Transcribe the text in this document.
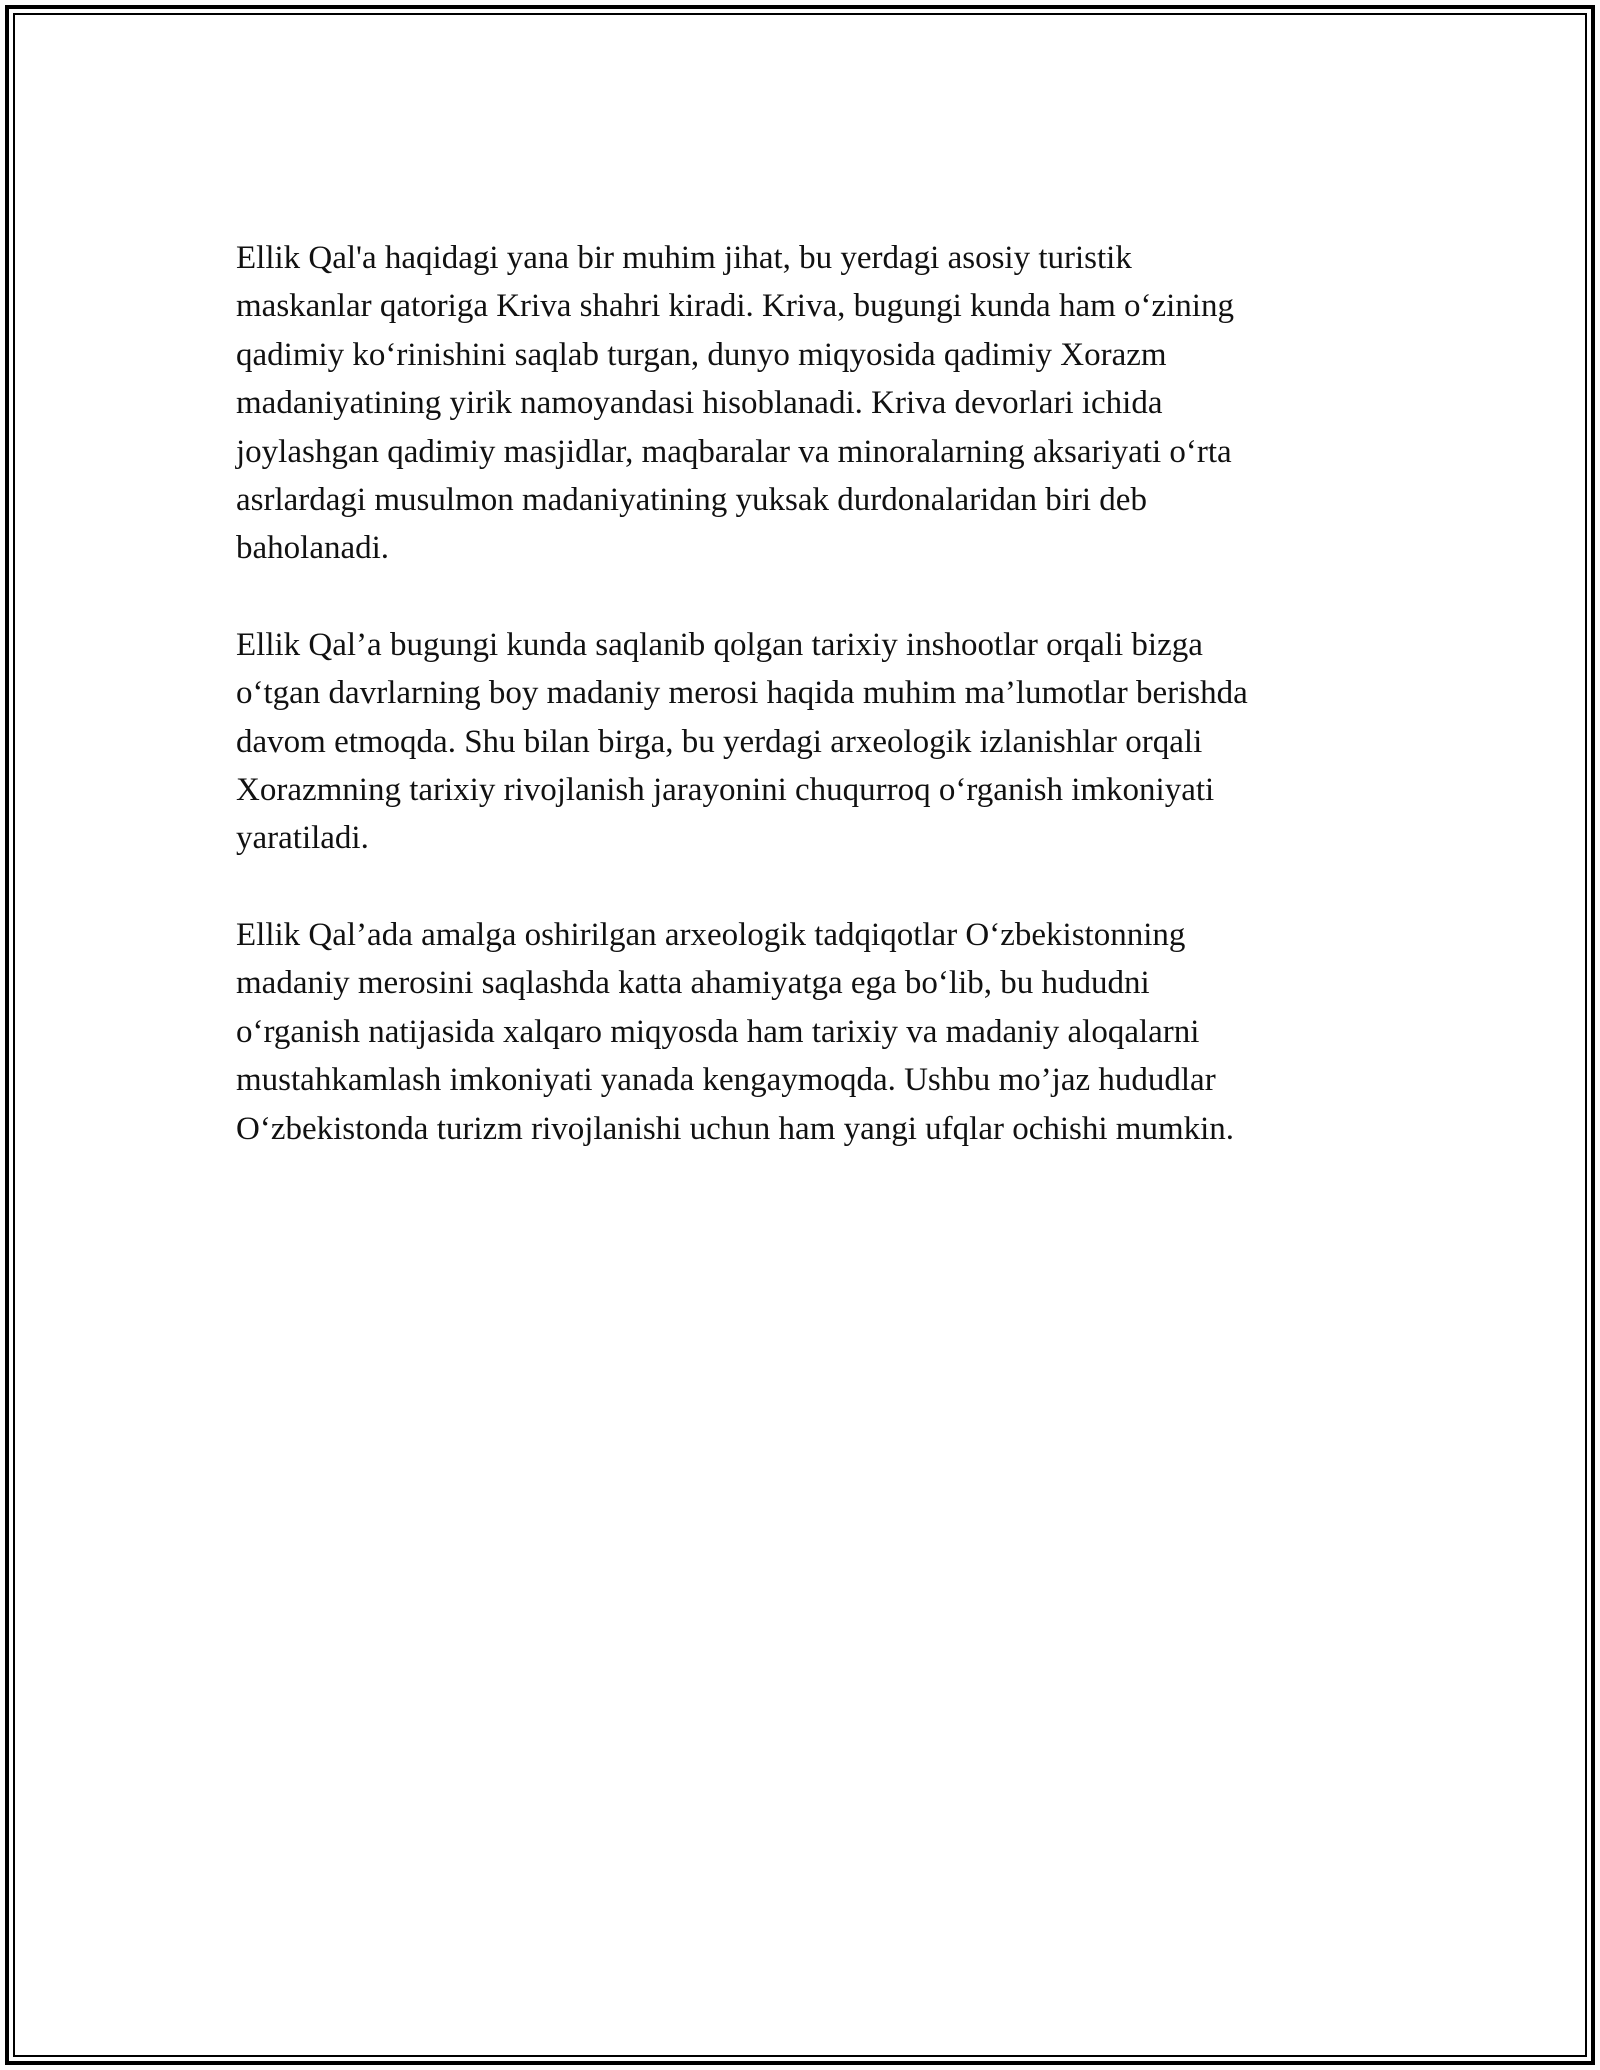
Ellik Qal'a haqidagi yana bir muhim jihat, bu yerdagi asosiy turistik
maskanlar qatoriga Kriva shahri kiradi. Kriva, bugungi kunda ham o‘zining
qadimiy ko‘rinishini saqlab turgan, dunyo miqyosida qadimiy Xorazm
madaniyatining yirik namoyandasi hisoblanadi. Kriva devorlari ichida
joylashgan qadimiy masjidlar, maqbaralar va minoralarning aksariyati o‘rta
asrlardagi musulmon madaniyatining yuksak durdonalaridan biri deb
baholanadi.

Ellik Qal’a bugungi kunda saqlanib qolgan tarixiy inshootlar orqali bizga
o‘tgan davrlarning boy madaniy merosi haqida muhim ma’lumotlar berishda
davom etmoqda. Shu bilan birga, bu yerdagi arxeologik izlanishlar orqali
Xorazmning tarixiy rivojlanish jarayonini chuqurroq o‘rganish imkoniyati
yaratiladi.

Ellik Qal’ada amalga oshirilgan arxeologik tadqiqotlar O‘zbekistonning
madaniy merosini saqlashda katta ahamiyatga ega bo‘lib, bu hududni
o‘rganish natijasida xalqaro miqyosda ham tarixiy va madaniy aloqalarni
mustahkamlash imkoniyati yanada kengaymoqda. Ushbu mo’jaz hududlar
O‘zbekistonda turizm rivojlanishi uchun ham yangi ufqlar ochishi mumkin.
